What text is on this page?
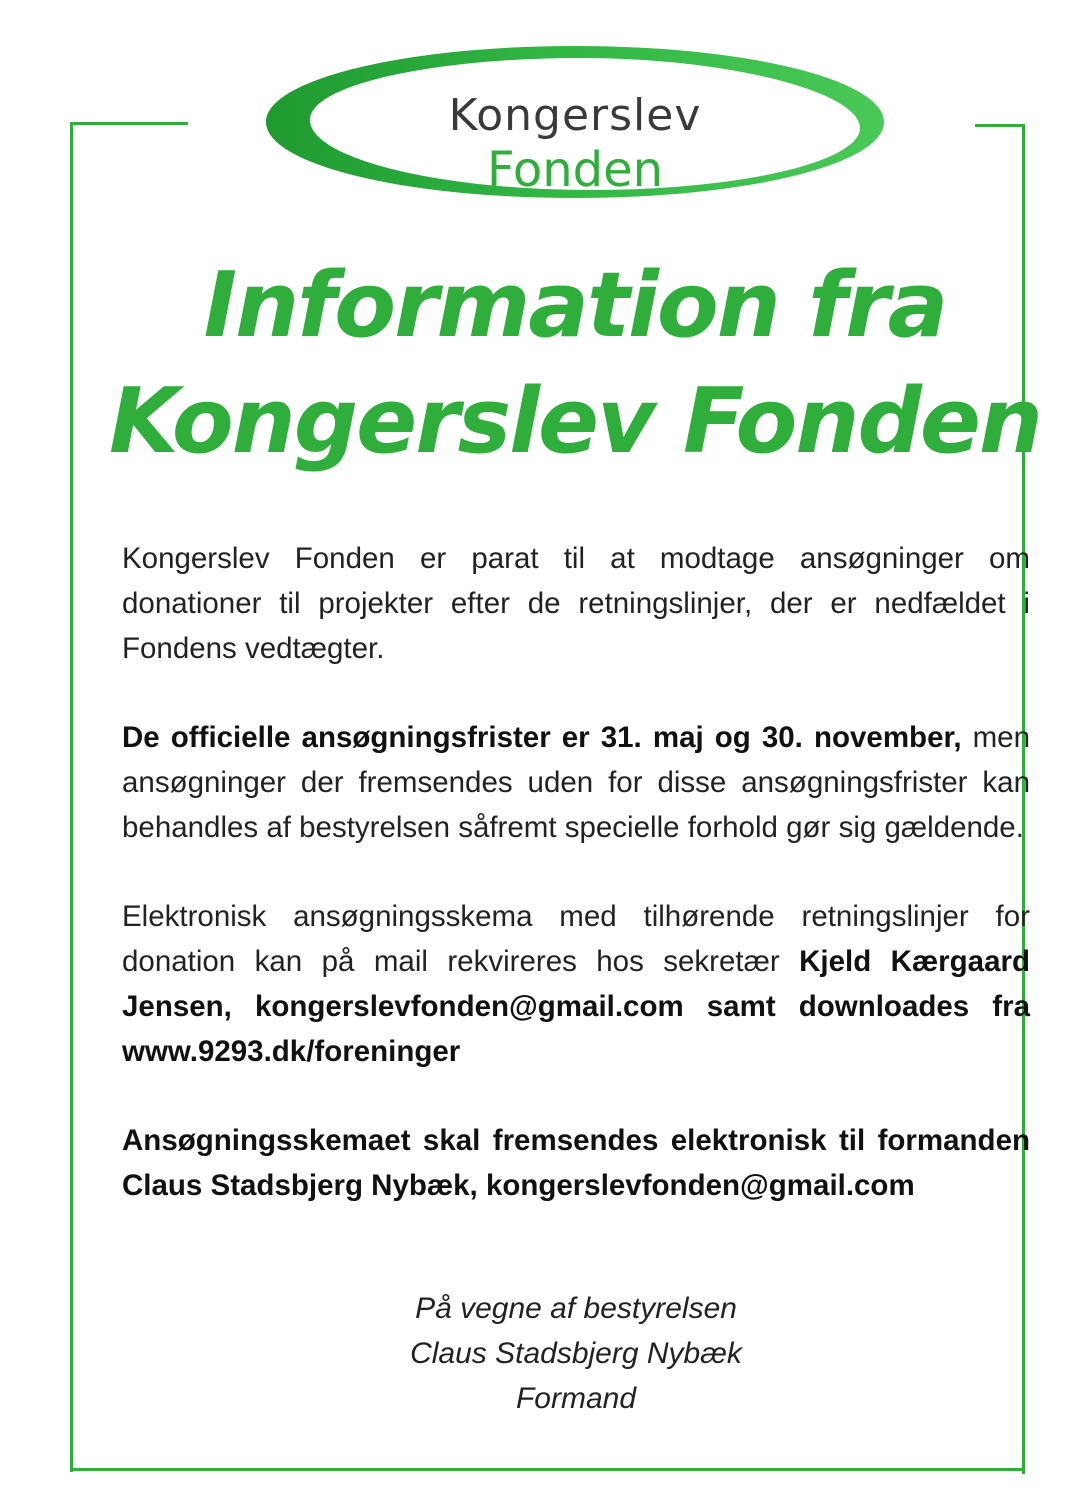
Kongerslev
Fonden
Information fra
Kongerslev Fonden

Kongerslev Fonden er parat til at modtage ansøgninger om donationer til projekter efter de retningslinjer, der er nedfældet i Fondens vedtægter.

De officielle ansøgningsfrister er 31. maj og 30. november, men ansøgninger der fremsendes uden for disse ansøgningsfrister kan behandles af bestyrelsen såfremt specielle forhold gør sig gældende.

Elektronisk ansøgningsskema med tilhørende retningslinjer for donation kan på mail rekvireres hos sekretær Kjeld Kærgaard Jensen, kongerslevfonden@gmail.com samt downloades fra www.9293.dk/foreninger

Ansøgningsskemaet skal fremsendes elektronisk til formanden Claus Stadsbjerg Nybæk, kongerslevfonden@gmail.com

På vegne af bestyrelsen
Claus Stadsbjerg Nybæk
Formand
